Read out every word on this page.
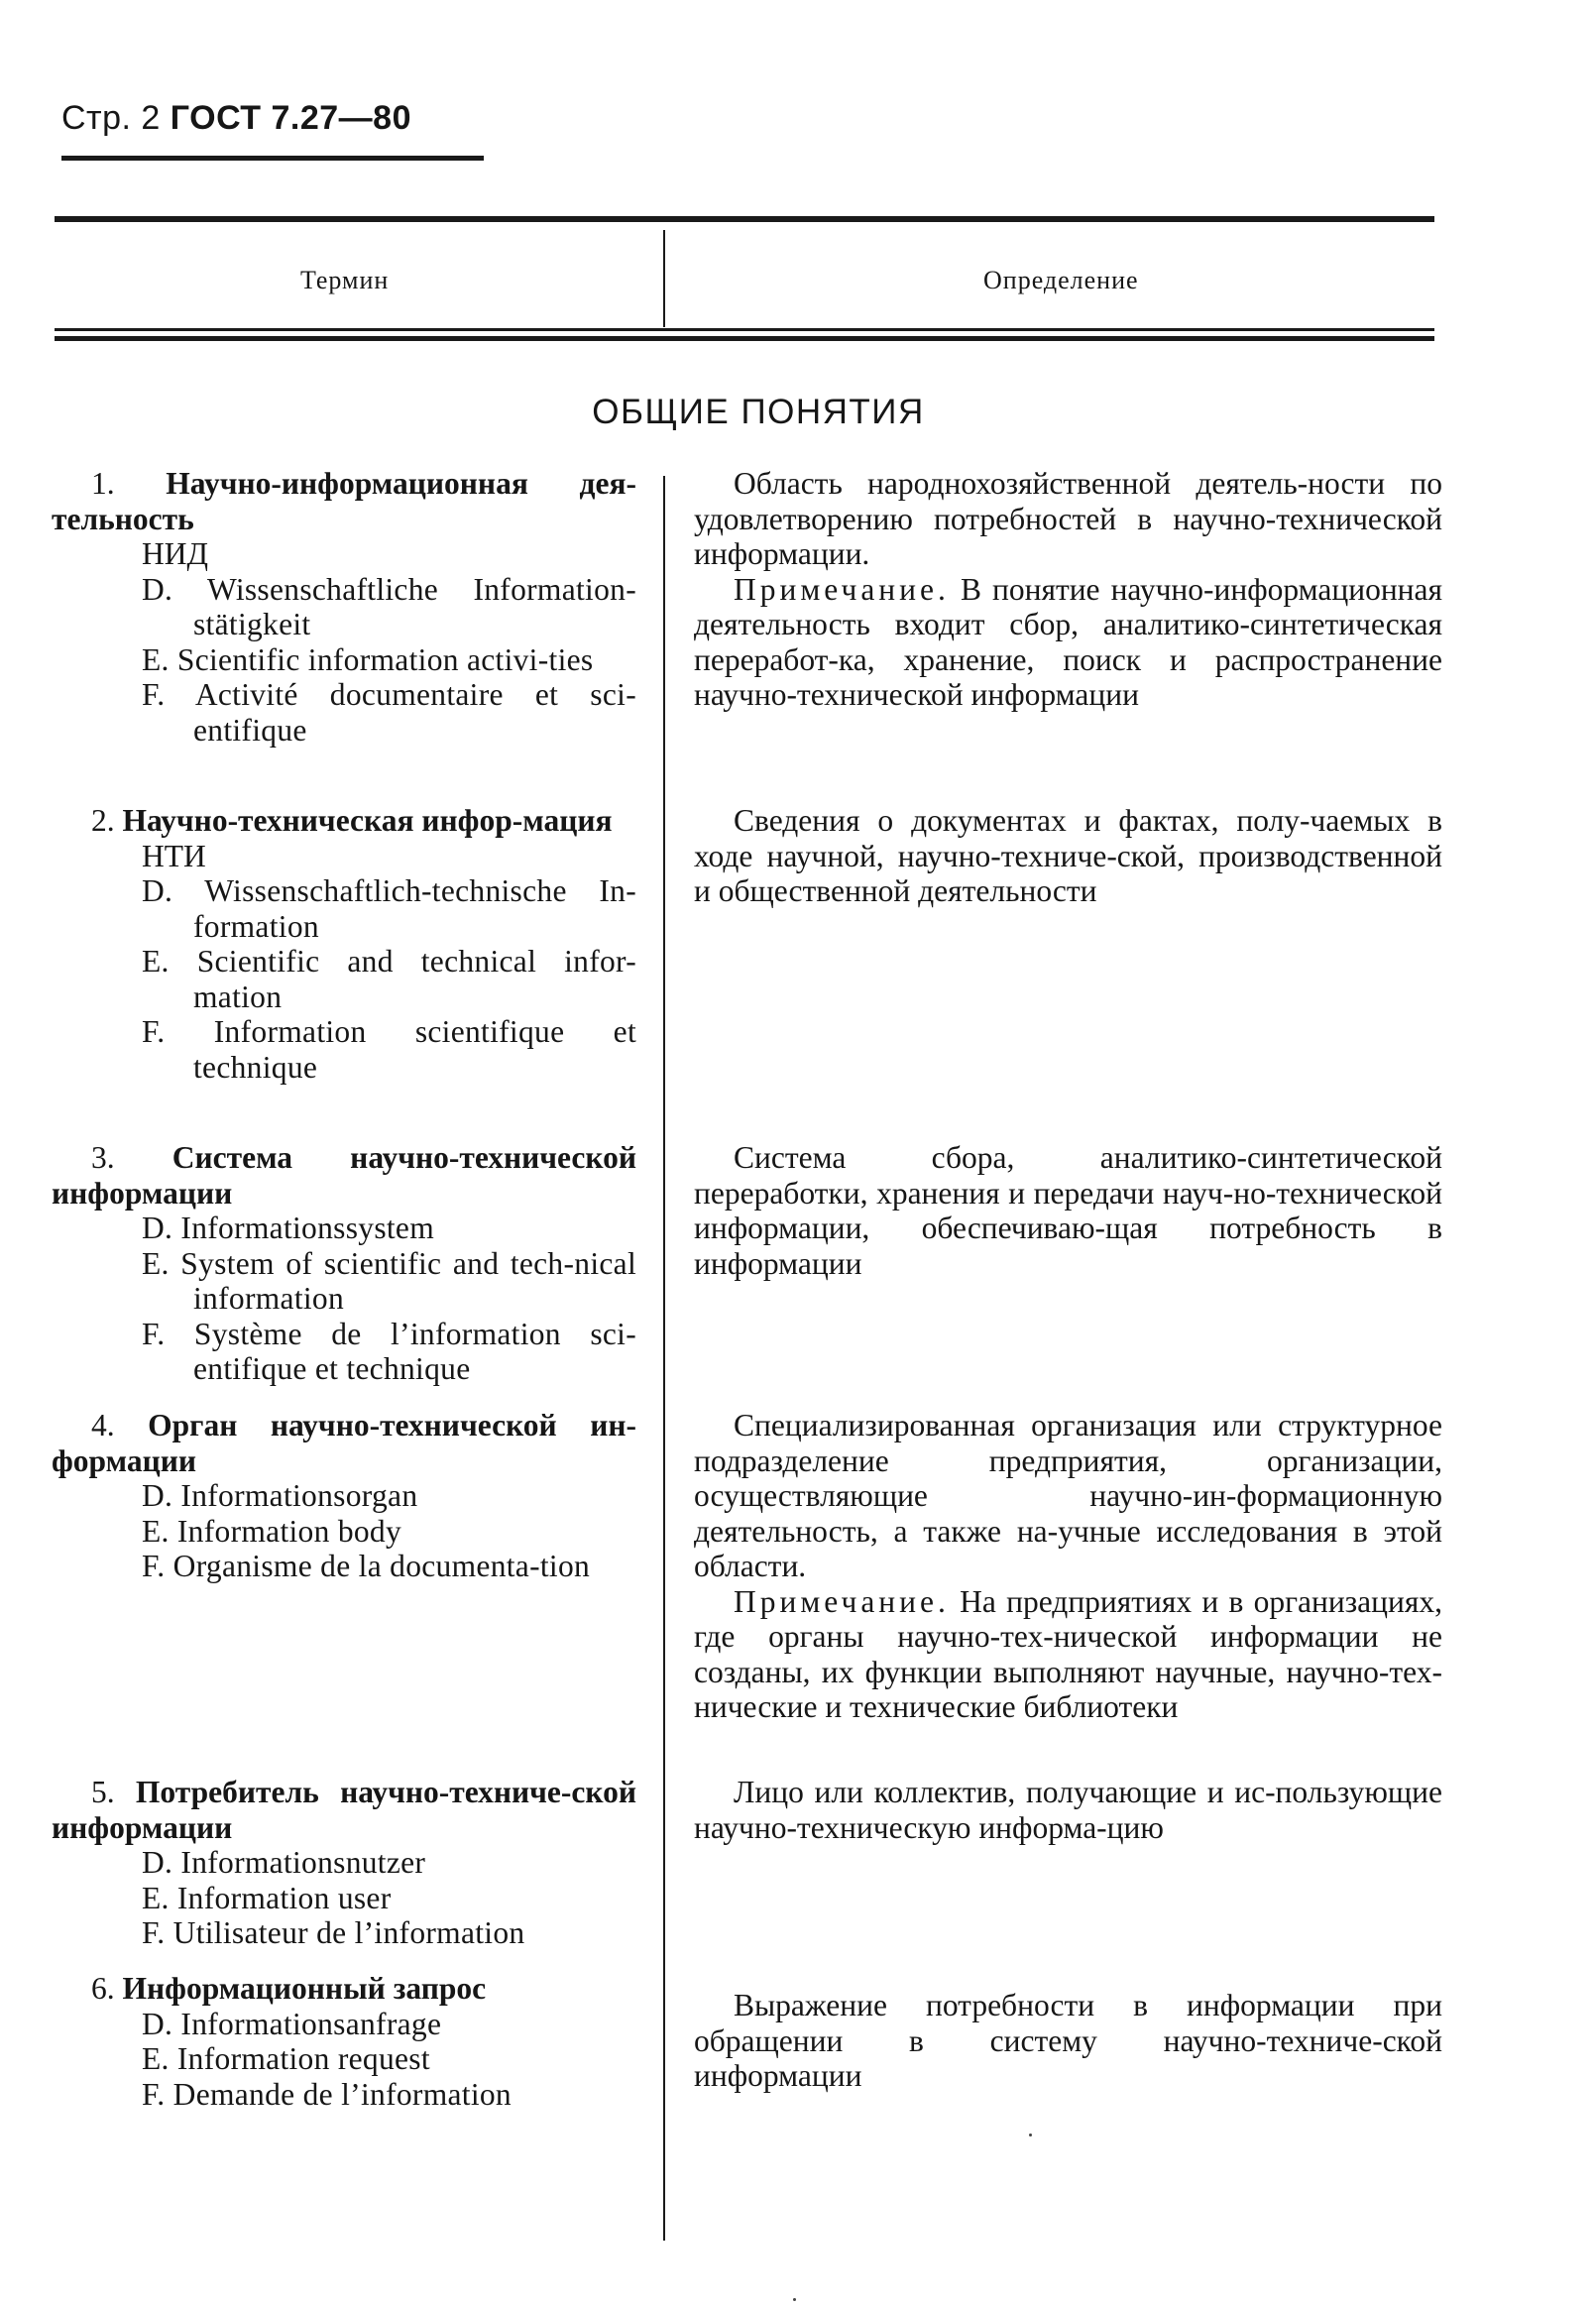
Стр. 2 ГОСТ 7.27—80
Термин	Определение
ОБЩИЕ ПОНЯТИЯ

1. Научно-информационная дея-тельность

НИД

D. Wissenschaftliche Information-stätigkeit

E. Scientific information activi-ties

F. Activité documentaire et sci-entifique

Область народнохозяйственной деятель-ности по удовлетворению потребностей в научно-технической информации.

Примечание. В понятие научно-информационная деятельность входит сбор, аналитико-синтетическая переработ-ка, хранение, поиск и распространение научно-технической информации

2. Научно-техническая инфор-мация

НТИ

D. Wissenschaftlich-technische In-formation

E. Scientific and technical infor-mation

F. Information scientifique et technique

Сведения о документах и фактах, полу-чаемых в ходе научной, научно-техниче-ской, производственной и общественной деятельности

3. Система научно-технической информации

D. Informationssystem

E. System of scientific and tech-nical information

F. Système de l’information sci-entifique et technique

Система сбора, аналитико-синтетической переработки, хранения и передачи науч-но-технической информации, обеспечиваю-щая потребность в информации

4. Орган научно-технической ин-формации

D. Informationsorgan

E. Information body

F. Organisme de la documenta-tion

Специализированная организация или структурное подразделение предприятия, организации, осуществляющие научно-ин-формационную деятельность, а также на-учные исследования в этой области.

Примечание. На предприятиях и в организациях, где органы научно-тех-нической информации не созданы, их функции выполняют научные, научно-тех-нические и технические библиотеки

5. Потребитель научно-техниче-ской информации

D. Informationsnutzer

E. Information user

F. Utilisateur de l’information

Лицо или коллектив, получающие и ис-пользующие научно-техническую информа-цию

6. Информационный запрос

D. Informationsanfrage

E. Information request

F. Demande de l’information

Выражение потребности в информации при обращении в систему научно-техниче-ской информации
